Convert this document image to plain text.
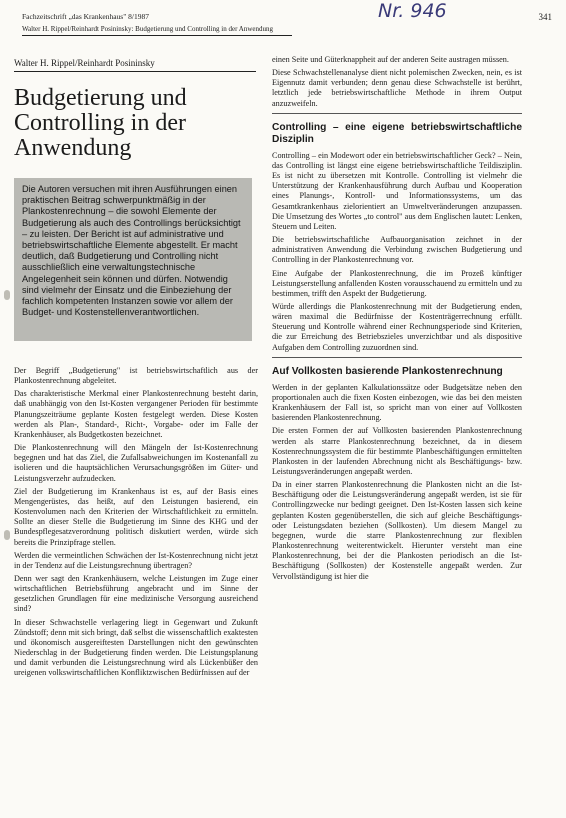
Fachzeitschrift „das Krankenhaus" 8/1987	Nr. 946	341
Walter H. Rippel/Reinhardt Posininsky: Budgetierung und Controlling in der Anwendung
Walter H. Rippel/Reinhardt Posininsky
Budgetierung und Controlling in der Anwendung
Die Autoren versuchen mit ihren Ausführungen einen praktischen Beitrag schwerpunktmäßig in der Plankostenrechnung – die sowohl Elemente der Budgetierung als auch des Controllings berücksichtigt – zu leisten. Der Bericht ist auf administrative und betriebswirtschaftliche Elemente abgestellt. Er macht deutlich, daß Budgetierung und Controlling nicht ausschließlich eine verwaltungstechnische Angelegenheit sein können und dürfen. Notwendig sind vielmehr der Einsatz und die Einbeziehung der fachlich kompetenten Instanzen sowie vor allem der Budget- und Kostenstellenverantwortlichen.

Der Begriff „Budgetierung" ist betriebswirtschaftlich aus der Plankostenrechnung abgeleitet.

Das charakteristische Merkmal einer Plankostenrechnung besteht darin, daß unabhängig von den Ist-Kosten vergangener Perioden für bestimmte Planungszeiträume geplante Kosten festgelegt werden. Diese Kosten werden als Plan-, Standard-, Richt-, Vorgabe- oder im Falle der Krankenhäuser, als Budgetkosten bezeichnet.

Die Plankostenrechnung will den Mängeln der Ist-Kostenrechnung begegnen und hat das Ziel, die Zufallsabweichungen im Kostenanfall zu isolieren und die hauptsächlichen Verursachungsgrößen im Güter- und Leistungsverzehr aufzudecken.

Ziel der Budgetierung im Krankenhaus ist es, auf der Basis eines Mengengerüstes, das heißt, auf den Leistungen basierend, ein Kostenvolumen nach den Kriterien der Wirtschaftlichkeit zu ermitteln. Sollte an dieser Stelle die Budgetierung im Sinne des KHG und der Bundespflegesatzverordnung politisch diskutiert werden, würde sich bereits die Prinzipfrage stellen.

Werden die vermeintlichen Schwächen der Ist-Kostenrechnung nicht jetzt in der Tendenz auf die Leistungsrechnung übertragen?

Denn wer sagt den Krankenhäusern, welche Leistungen im Zuge einer wirtschaftlichen Betriebsführung angebracht und im Sinne der gesetzlichen Grundlagen für eine medizinische Versorgung ausreichend sind?

In dieser Schwachstelle verlagering liegt in Gegenwart und Zukunft Zündstoff; denn mit sich bringt, daß selbst die wissenschaftlich exaktesten und ökonomisch ausgereiftesten Darstellungen nicht den gewünschten Niederschlag in der Budgetierung finden werden. Die Leistungsplanung und damit verbunden die Leistungsrechnung wird als Lückenbüßer den ureigenen volkswirtschaftlichen Konfliktzwischen Bedürfnissen auf der

einen Seite und Güterknappheit auf der anderen Seite austragen müssen.

Diese Schwachstellenanalyse dient nicht polemischen Zwecken, nein, es ist Eigennutz damit verbunden; denn genau diese Schwachstelle ist berührt, letztlich jede betriebswirtschaftliche Methode in ihrem Output anzuzweifeln.

Controlling – eine eigene betriebswirtschaftliche Disziplin

Controlling – ein Modewort oder ein betriebswirtschaftlicher Geck? – Nein, das Controlling ist längst eine eigene betriebswirtschaftliche Teildisziplin. Es ist nicht zu übersetzen mit Kontrolle. Controlling ist vielmehr die Unterstützung der Krankenhausführung durch Aufbau und Kooperation eines Planungs-, Kontroll- und Informationssystems, um das Gesamtkrankenhaus zielorientiert an Umweltveränderungen anzupassen. Die Umsetzung des Wortes „to control" aus dem Englischen lautet: Lenken, Steuern und Leiten.

Die betriebswirtschaftliche Aufbauorganisation zeichnet in der administrativen Anwendung die Verbindung zwischen Budgetierung und Controlling in der Plankostenrechnung vor.

Eine Aufgabe der Plankostenrechnung, die im Prozeß künftiger Leistungserstellung anfallenden Kosten vorausschauend zu ermitteln und zu bestimmen, trifft den Aspekt der Budgetierung.

Würde allerdings die Plankostenrechnung mit der Budgetierung enden, wären maximal die Bedürfnisse der Kostenträgerrechnung erfüllt. Steuerung und Kontrolle während einer Rechnungsperiode sind Kriterien, die zur Erreichung des Betriebszieles unverzichtbar und als dispositive Aufgaben dem Controlling zuzuordnen sind.

Auf Vollkosten basierende Plankostenrechnung

Werden in der geplanten Kalkulationssätze oder Budgetsätze neben den proportionalen auch die fixen Kosten einbezogen, wie das bei den meisten Krankenhäusern der Fall ist, so spricht man von einer auf Vollkosten basierenden Plankostenrechnung.

Die ersten Formen der auf Vollkosten basierenden Plankostenrechnung werden als starre Plankostenrechnung bezeichnet, da in diesem Kostenrechnungssystem die für bestimmte Planbeschäftigungen ermittelten Plankosten in der laufenden Abrechnung nicht als Beschäftigungs- bzw. Leistungsveränderungen angepaßt werden.

Da in einer starren Plankostenrechnung die Plankosten nicht an die Ist-Beschäftigung oder die Leistungsveränderung angepaßt werden, ist sie für Controllingzwecke nur bedingt geeignet. Den Ist-Kosten lassen sich keine geplanten Kosten gegenüberstellen, die sich auf gleiche Beschäftigungs- oder Leistungsdaten beziehen (Sollkosten). Um diesem Mangel zu begegnen, wurde die starre Plankostenrechnung zur flexiblen Plankostenrechnung weiterentwickelt. Hierunter versteht man eine Plankostenrechnung, bei der die Plankosten periodisch an die Ist-Beschäftigung (Sollkosten) der Kostenstelle angepaßt werden. Zur Vervollständigung ist hier die
